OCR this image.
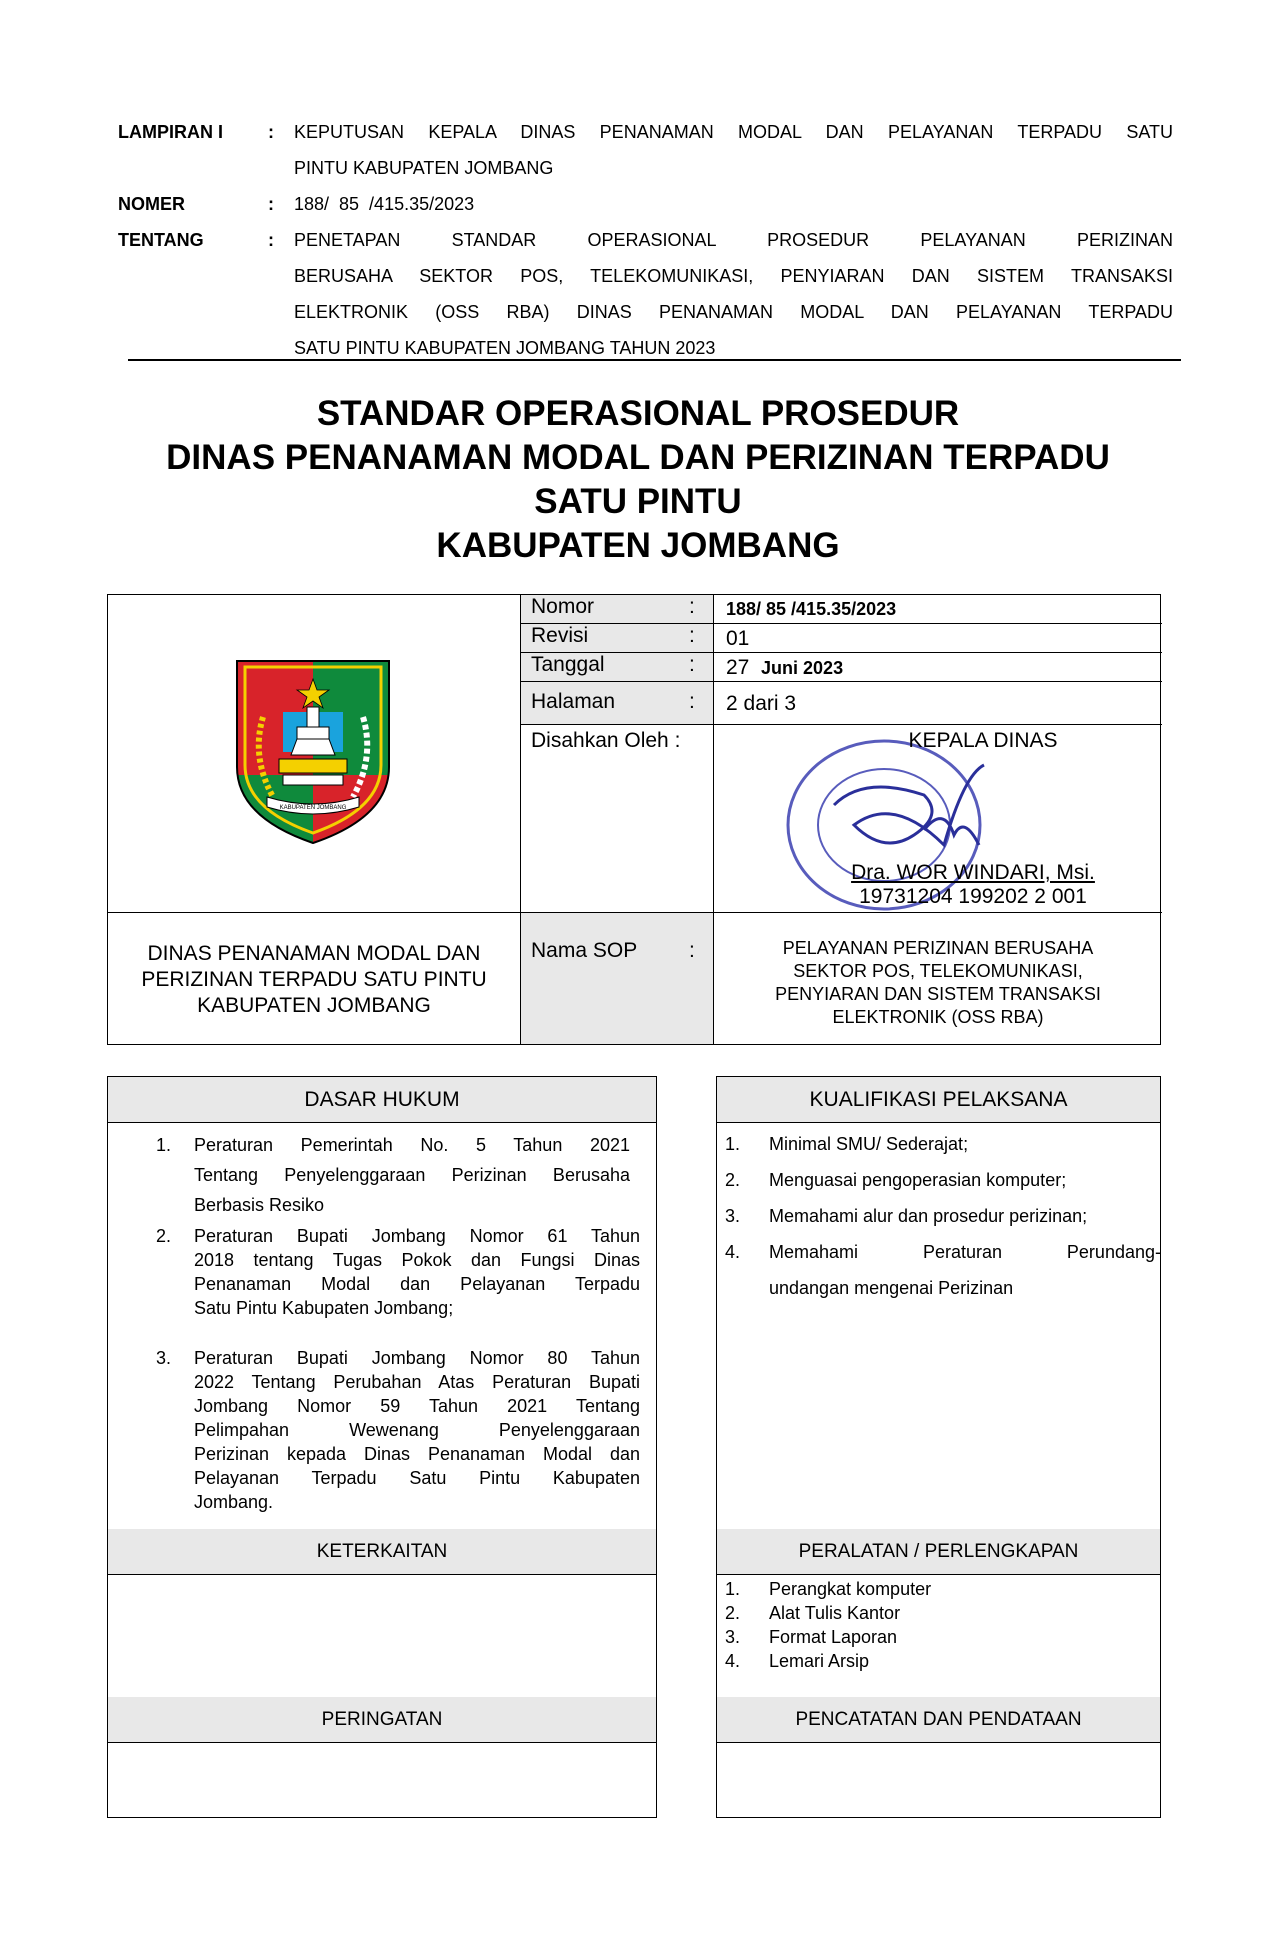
LAMPIRAN I	:	KEPUTUSAN KEPALA DINAS PENANAMAN MODAL DAN PELAYANAN TERPADU SATU
PINTU KABUPATEN JOMBANG
NOMER	:	188/  85  /415.35/2023
TENTANG	:	PENETAPAN STANDAR OPERASIONAL PROSEDUR PELAYANAN PERIZINAN
BERUSAHA SEKTOR POS, TELEKOMUNIKASI, PENYIARAN DAN SISTEM TRANSAKSI
ELEKTRONIK (OSS RBA) DINAS PENANAMAN MODAL DAN PELAYANAN TERPADU
SATU PINTU KABUPATEN JOMBANG TAHUN 2023
STANDAR OPERASIONAL PROSEDUR
DINAS PENANAMAN MODAL DAN PERIZINAN TERPADU
SATU PINTU
KABUPATEN JOMBANG
KABUPATEN JOMBANG
Nomor	:	188/ 85 /415.35/2023
Revisi	:	01
Tanggal	:	27 Juni 2023
Halaman	:	2 dari 3
Disahkan Oleh :	KEPALA DINAS
Dra. WOR WINDARI, Msi.
19731204 199202 2 001
DINAS PENANAMAN MODAL DAN
PERIZINAN TERPADU SATU PINTU
KABUPATEN JOMBANG
Nama SOP :	PELAYANAN PERIZINAN BERUSAHA
SEKTOR POS, TELEKOMUNIKASI,
PENYIARAN DAN SISTEM TRANSAKSI
ELEKTRONIK (OSS RBA)
DASAR HUKUM
1. Peraturan Pemerintah No. 5 Tahun 2021
Tentang Penyelenggaraan Perizinan Berusaha
Berbasis Resiko
2. Peraturan Bupati Jombang Nomor 61 Tahun
2018 tentang Tugas Pokok dan Fungsi Dinas
Penanaman Modal dan Pelayanan Terpadu
Satu Pintu Kabupaten Jombang;
3. Peraturan Bupati Jombang Nomor 80 Tahun
2022 Tentang Perubahan Atas Peraturan Bupati
Jombang Nomor 59 Tahun 2021 Tentang
Pelimpahan Wewenang Penyelenggaraan
Perizinan kepada Dinas Penanaman Modal dan
Pelayanan Terpadu Satu Pintu Kabupaten
Jombang.
KETERKAITAN
PERINGATAN
KUALIFIKASI PELAKSANA
1. Minimal SMU/ Sederajat;
2. Menguasai pengoperasian komputer;
3. Memahami alur dan prosedur perizinan;
4. Memahami Peraturan Perundang-
undangan mengenai Perizinan
PERALATAN / PERLENGKAPAN
1. Perangkat komputer
2. Alat Tulis Kantor
3. Format Laporan
4. Lemari Arsip
PENCATATAN DAN PENDATAAN
